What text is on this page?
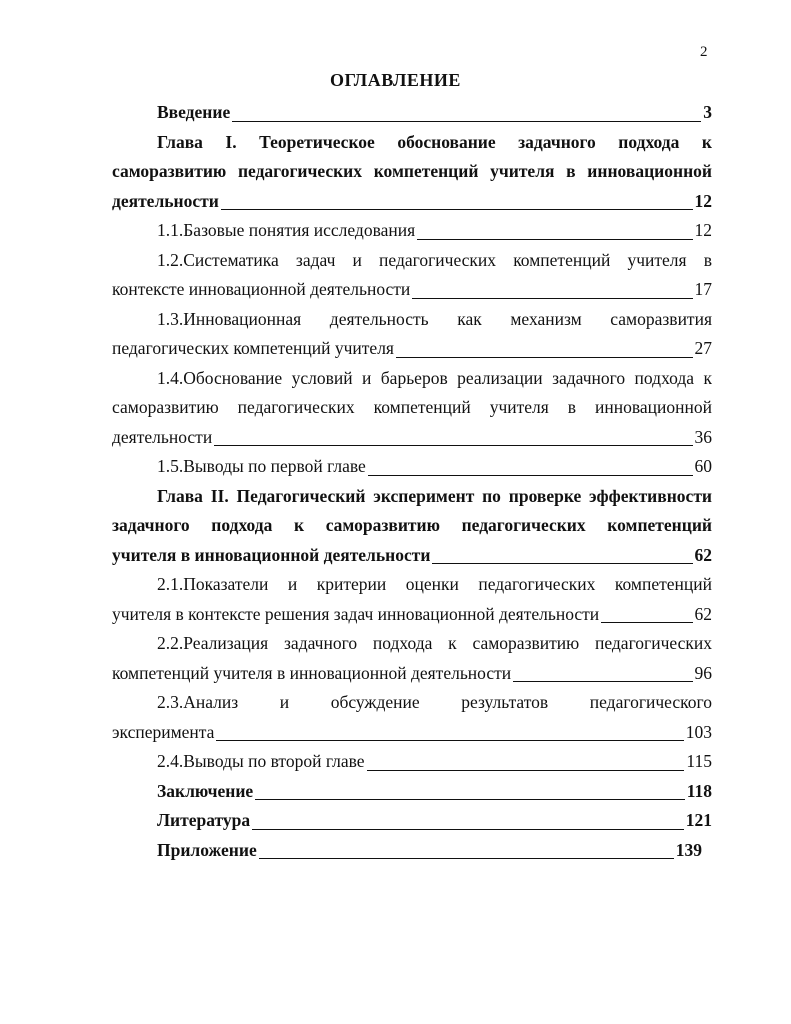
2
ОГЛАВЛЕНИЕ
Введение	3
Глава I. Теоретическое обоснование задачного подхода к
саморазвитию педагогических компетенций учителя в инновационной
деятельности	12
1.1.Базовые понятия исследования	12
1.2.Систематика задач и педагогических компетенций учителя в
контексте инновационной деятельности	17
1.3.Инновационная деятельность как механизм саморазвития
педагогических компетенций учителя	27
1.4.Обоснование условий и барьеров реализации задачного подхода к
саморазвитию педагогических компетенций учителя в инновационной
деятельности	36
1.5.Выводы по первой главе	60
Глава II. Педагогический эксперимент по проверке эффективности
задачного подхода к саморазвитию педагогических компетенций
учителя в инновационной деятельности	62
2.1.Показатели и критерии оценки педагогических компетенций
учителя в контексте решения задач инновационной деятельности	62
2.2.Реализация задачного подхода к саморазвитию педагогических
компетенций учителя в инновационной деятельности	96
2.3.Анализ и обсуждение результатов педагогического
эксперимента	103
2.4.Выводы по второй главе	115
Заключение	118
Литература	121
Приложение	139
